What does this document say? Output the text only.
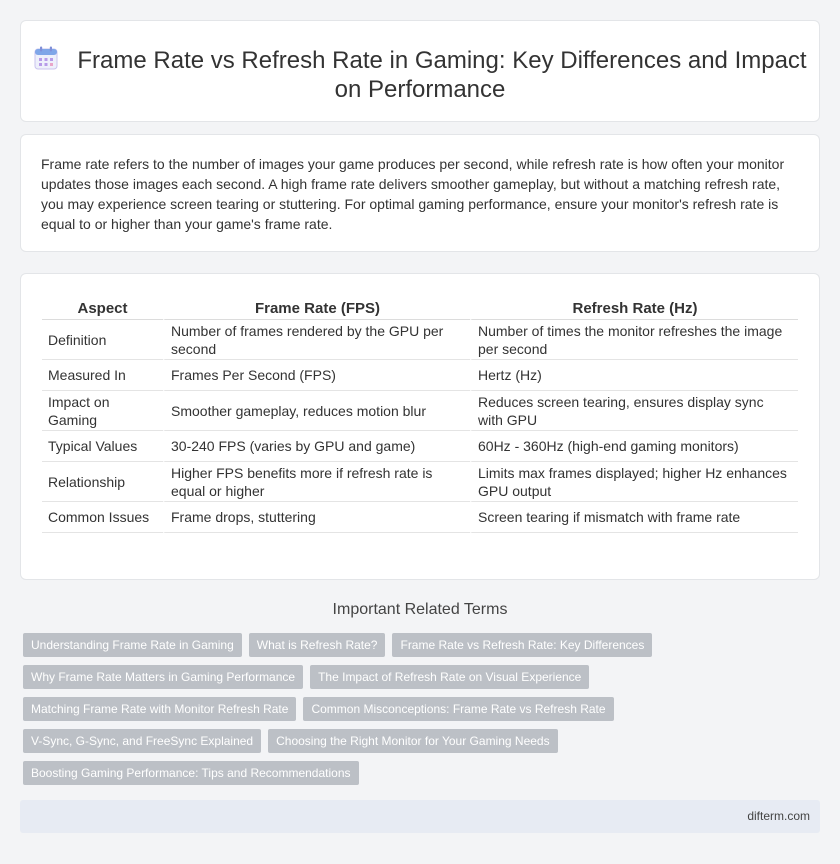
Frame Rate vs Refresh Rate in Gaming: Key Differences and Impact on Performance

Frame rate refers to the number of images your game produces per second, while refresh rate is how often your monitor updates those images each second. A high frame rate delivers smoother gameplay, but without a matching refresh rate, you may experience screen tearing or stuttering. For optimal gaming performance, ensure your monitor's refresh rate is equal to or higher than your game's frame rate.

Aspect	Frame Rate (FPS)	Refresh Rate (Hz)
Definition	Number of frames rendered by the GPU per second	Number of times the monitor refreshes the image per second
Measured In	Frames Per Second (FPS)	Hertz (Hz)
Impact on Gaming	Smoother gameplay, reduces motion blur	Reduces screen tearing, ensures display sync with GPU
Typical Values	30-240 FPS (varies by GPU and game)	60Hz - 360Hz (high-end gaming monitors)
Relationship	Higher FPS benefits more if refresh rate is equal or higher	Limits max frames displayed; higher Hz enhances GPU output
Common Issues	Frame drops, stuttering	Screen tearing if mismatch with frame rate
Important Related Terms
Understanding Frame Rate in Gaming	What is Refresh Rate?	Frame Rate vs Refresh Rate: Key Differences
Why Frame Rate Matters in Gaming Performance	The Impact of Refresh Rate on Visual Experience
Matching Frame Rate with Monitor Refresh Rate	Common Misconceptions: Frame Rate vs Refresh Rate
V-Sync, G-Sync, and FreeSync Explained	Choosing the Right Monitor for Your Gaming Needs
Boosting Gaming Performance: Tips and Recommendations
difterm.com
